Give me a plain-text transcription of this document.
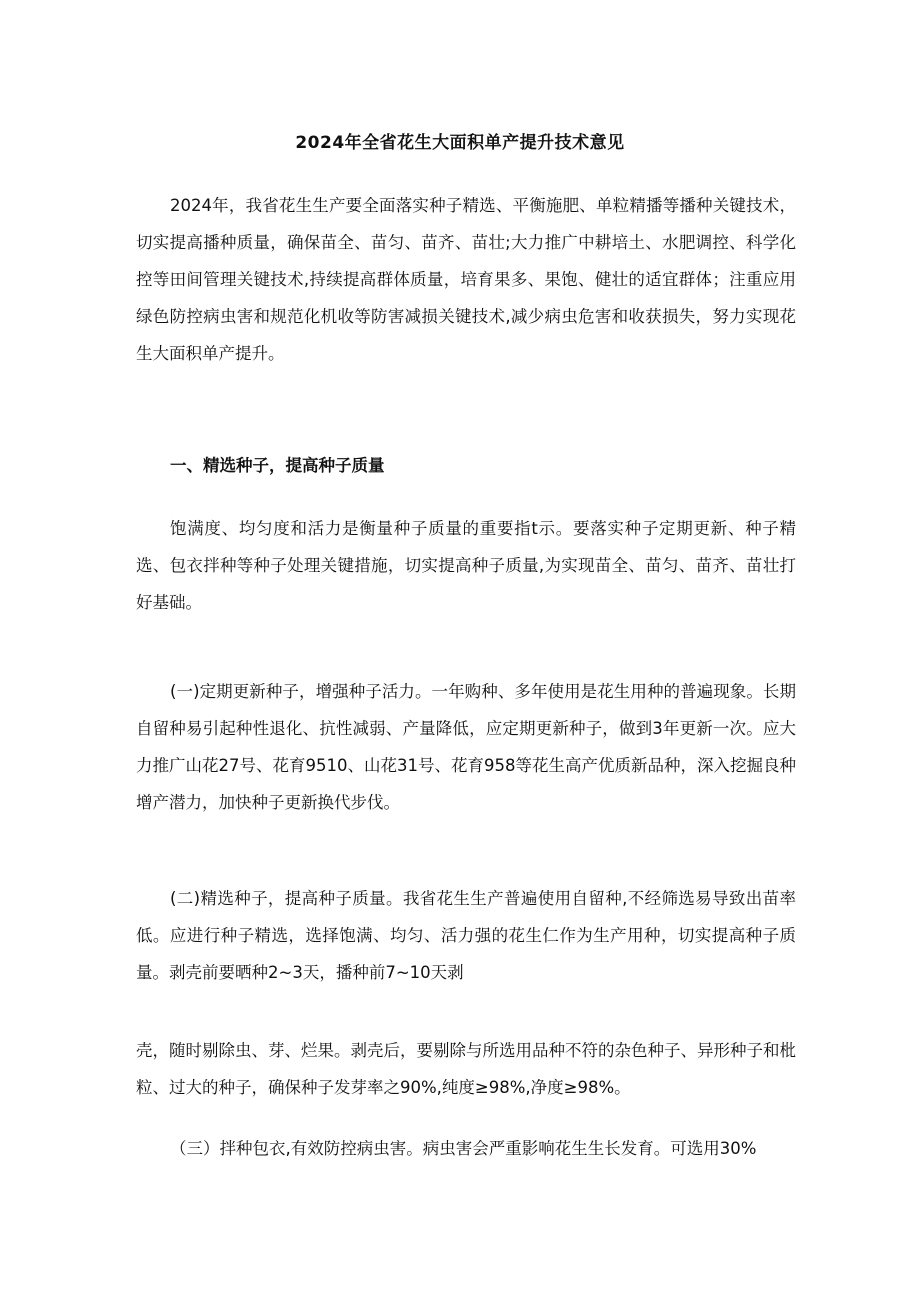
2024年全省花生大面积单产提升技术意见

2024年，我省花生生产要全面落实种子精选、平衡施肥、单粒精播等播种关键技术，切实提高播种质量，确保苗全、苗匀、苗齐、苗壮;大力推广中耕培土、水肥调控、科学化控等田间管理关键技术,持续提高群体质量，培育果多、果饱、健壮的适宜群体；注重应用绿色防控病虫害和规范化机收等防害减损关键技术,减少病虫危害和收获损失，努力实现花生大面积单产提升。

一、精选种子，提高种子质量

饱满度、均匀度和活力是衡量种子质量的重要指t示。要落实种子定期更新、种子精选、包衣拌种等种子处理关键措施，切实提高种子质量,为实现苗全、苗匀、苗齐、苗壮打好基础。

(一)定期更新种子，增强种子活力。一年购种、多年使用是花生用种的普遍现象。长期自留种易引起种性退化、抗性减弱、产量降低，应定期更新种子，做到3年更新一次。应大力推广山花27号、花育9510、山花31号、花育958等花生高产优质新品种，深入挖掘良种增产潜力，加快种子更新换代步伐。

(二)精选种子，提高种子质量。我省花生生产普遍使用自留种,不经筛选易导致出苗率低。应进行种子精选，选择饱满、均匀、活力强的花生仁作为生产用种，切实提高种子质量。剥壳前要晒种2~3天，播种前7~10天剥

壳，随时剔除虫、芽、烂果。剥壳后，要剔除与所选用品种不符的杂色种子、异形种子和枇粒、过大的种子，确保种子发芽率之90%,纯度≥98%,净度≥98%。

（三）拌种包衣,有效防控病虫害。病虫害会严重影响花生生长发育。可选用30%
